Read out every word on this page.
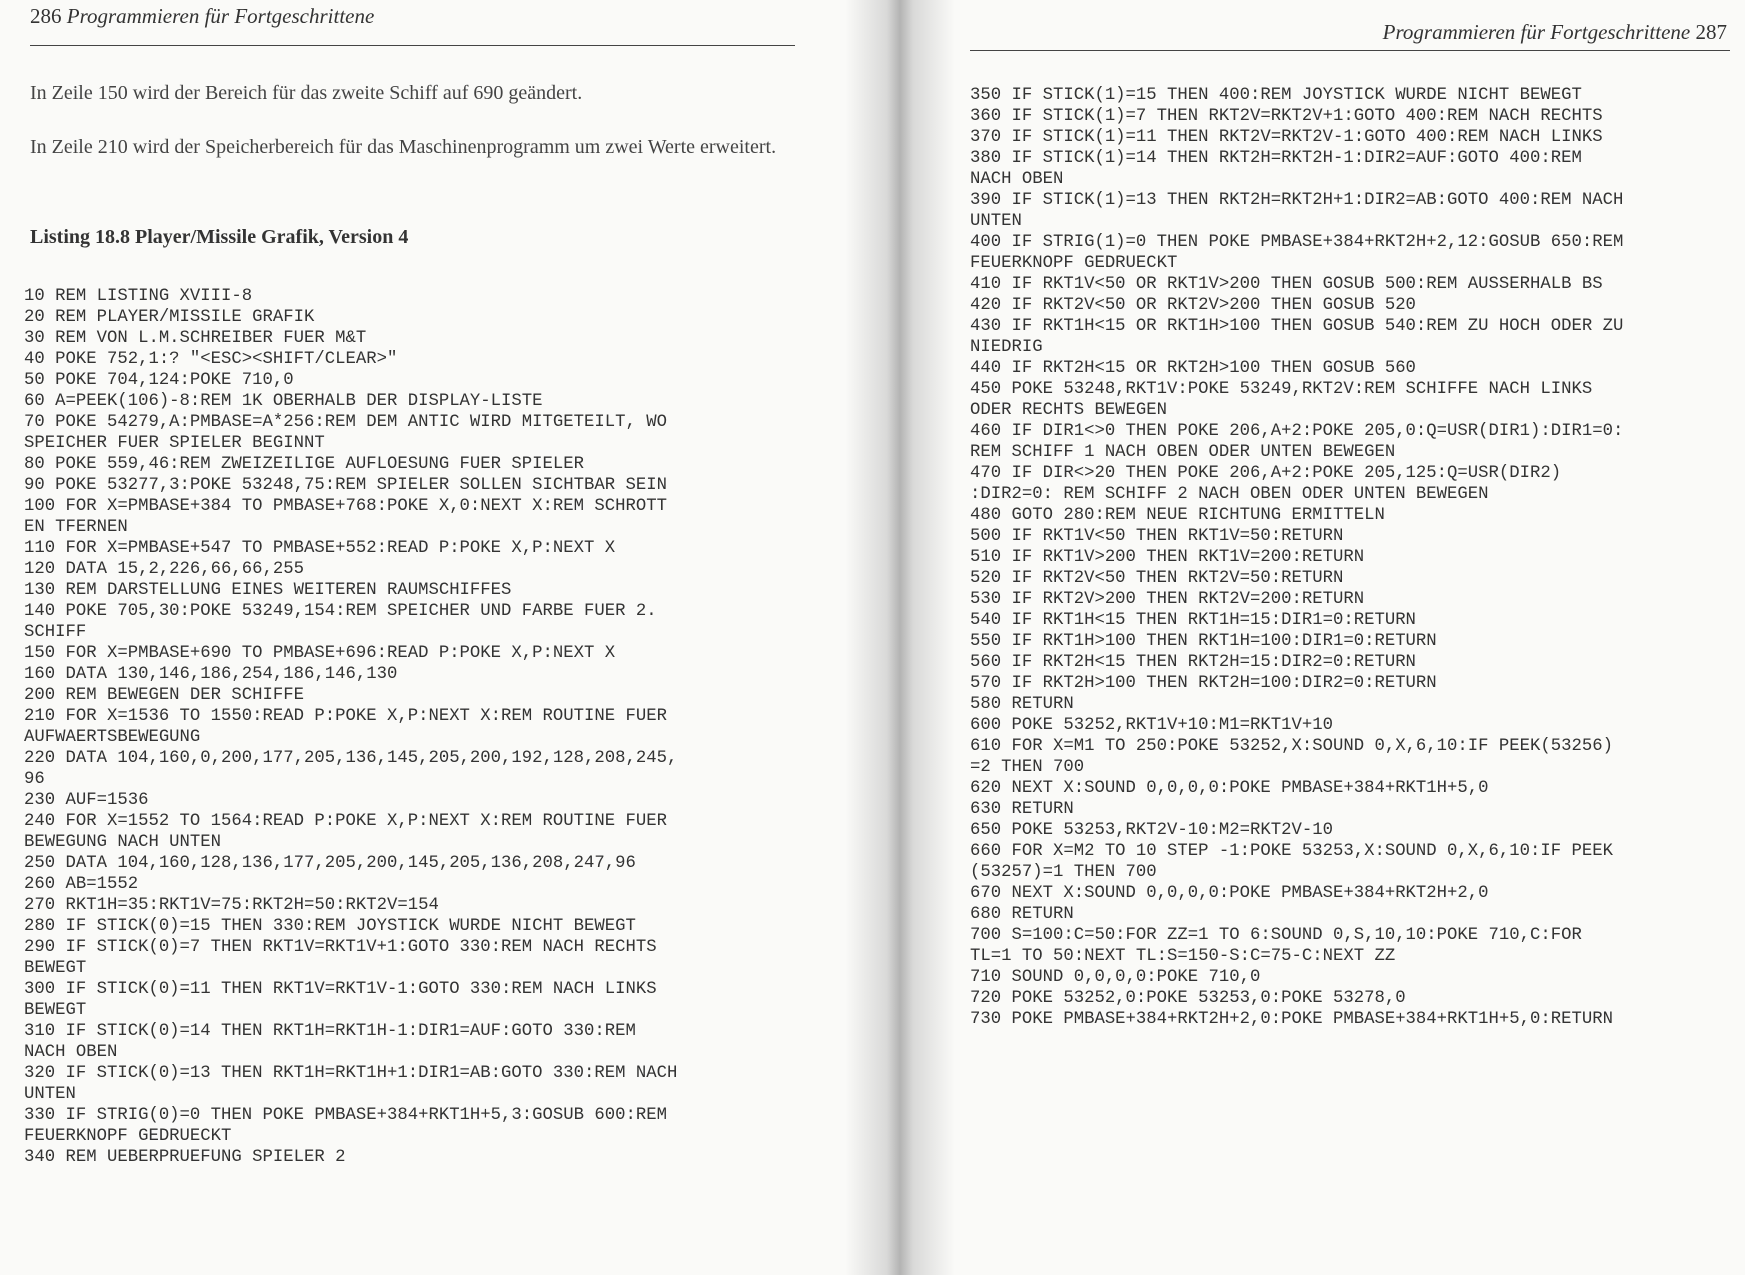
286 Programmieren für Fortgeschrittene
In Zeile 150 wird der Bereich für das zweite Schiff auf 690 geändert.
In Zeile 210 wird der Speicherbereich für das Maschinenprogramm um zwei Werte erweitert.
Listing 18.8 Player/Missile Grafik, Version 4
10 REM LISTING XVIII-8
20 REM PLAYER/MISSILE GRAFIK
30 REM VON L.M.SCHREIBER FUER M&T
40 POKE 752,1:? "<ESC><SHIFT/CLEAR>"
50 POKE 704,124:POKE 710,0
60 A=PEEK(106)-8:REM 1K OBERHALB DER DISPLAY-LISTE
70 POKE 54279,A:PMBASE=A*256:REM DEM ANTIC WIRD MITGETEILT, WO
SPEICHER FUER SPIELER BEGINNT
80 POKE 559,46:REM ZWEIZEILIGE AUFLOESUNG FUER SPIELER
90 POKE 53277,3:POKE 53248,75:REM SPIELER SOLLEN SICHTBAR SEIN
100 FOR X=PMBASE+384 TO PMBASE+768:POKE X,0:NEXT X:REM SCHROTT
EN TFERNEN
110 FOR X=PMBASE+547 TO PMBASE+552:READ P:POKE X,P:NEXT X
120 DATA 15,2,226,66,66,255
130 REM DARSTELLUNG EINES WEITEREN RAUMSCHIFFES
140 POKE 705,30:POKE 53249,154:REM SPEICHER UND FARBE FUER 2.
SCHIFF
150 FOR X=PMBASE+690 TO PMBASE+696:READ P:POKE X,P:NEXT X
160 DATA 130,146,186,254,186,146,130
200 REM BEWEGEN DER SCHIFFE
210 FOR X=1536 TO 1550:READ P:POKE X,P:NEXT X:REM ROUTINE FUER
AUFWAERTSBEWEGUNG
220 DATA 104,160,0,200,177,205,136,145,205,200,192,128,208,245,
96
230 AUF=1536
240 FOR X=1552 TO 1564:READ P:POKE X,P:NEXT X:REM ROUTINE FUER
BEWEGUNG NACH UNTEN
250 DATA 104,160,128,136,177,205,200,145,205,136,208,247,96
260 AB=1552
270 RKT1H=35:RKT1V=75:RKT2H=50:RKT2V=154
280 IF STICK(0)=15 THEN 330:REM JOYSTICK WURDE NICHT BEWEGT
290 IF STICK(0)=7 THEN RKT1V=RKT1V+1:GOTO 330:REM NACH RECHTS
BEWEGT
300 IF STICK(0)=11 THEN RKT1V=RKT1V-1:GOTO 330:REM NACH LINKS
BEWEGT
310 IF STICK(0)=14 THEN RKT1H=RKT1H-1:DIR1=AUF:GOTO 330:REM
NACH OBEN
320 IF STICK(0)=13 THEN RKT1H=RKT1H+1:DIR1=AB:GOTO 330:REM NACH
UNTEN
330 IF STRIG(0)=0 THEN POKE PMBASE+384+RKT1H+5,3:GOSUB 600:REM
FEUERKNOPF GEDRUECKT
340 REM UEBERPRUEFUNG SPIELER 2
Programmieren für Fortgeschrittene 287
350 IF STICK(1)=15 THEN 400:REM JOYSTICK WURDE NICHT BEWEGT
360 IF STICK(1)=7 THEN RKT2V=RKT2V+1:GOTO 400:REM NACH RECHTS
370 IF STICK(1)=11 THEN RKT2V=RKT2V-1:GOTO 400:REM NACH LINKS
380 IF STICK(1)=14 THEN RKT2H=RKT2H-1:DIR2=AUF:GOTO 400:REM
NACH OBEN
390 IF STICK(1)=13 THEN RKT2H=RKT2H+1:DIR2=AB:GOTO 400:REM NACH
UNTEN
400 IF STRIG(1)=0 THEN POKE PMBASE+384+RKT2H+2,12:GOSUB 650:REM
FEUERKNOPF GEDRUECKT
410 IF RKT1V<50 OR RKT1V>200 THEN GOSUB 500:REM AUSSERHALB BS
420 IF RKT2V<50 OR RKT2V>200 THEN GOSUB 520
430 IF RKT1H<15 OR RKT1H>100 THEN GOSUB 540:REM ZU HOCH ODER ZU
NIEDRIG
440 IF RKT2H<15 OR RKT2H>100 THEN GOSUB 560
450 POKE 53248,RKT1V:POKE 53249,RKT2V:REM SCHIFFE NACH LINKS
ODER RECHTS BEWEGEN
460 IF DIR1<>0 THEN POKE 206,A+2:POKE 205,0:Q=USR(DIR1):DIR1=0:
REM SCHIFF 1 NACH OBEN ODER UNTEN BEWEGEN
470 IF DIR<>20 THEN POKE 206,A+2:POKE 205,125:Q=USR(DIR2)
:DIR2=0: REM SCHIFF 2 NACH OBEN ODER UNTEN BEWEGEN
480 GOTO 280:REM NEUE RICHTUNG ERMITTELN
500 IF RKT1V<50 THEN RKT1V=50:RETURN
510 IF RKT1V>200 THEN RKT1V=200:RETURN
520 IF RKT2V<50 THEN RKT2V=50:RETURN
530 IF RKT2V>200 THEN RKT2V=200:RETURN
540 IF RKT1H<15 THEN RKT1H=15:DIR1=0:RETURN
550 IF RKT1H>100 THEN RKT1H=100:DIR1=0:RETURN
560 IF RKT2H<15 THEN RKT2H=15:DIR2=0:RETURN
570 IF RKT2H>100 THEN RKT2H=100:DIR2=0:RETURN
580 RETURN
600 POKE 53252,RKT1V+10:M1=RKT1V+10
610 FOR X=M1 TO 250:POKE 53252,X:SOUND 0,X,6,10:IF PEEK(53256)
=2 THEN 700
620 NEXT X:SOUND 0,0,0,0:POKE PMBASE+384+RKT1H+5,0
630 RETURN
650 POKE 53253,RKT2V-10:M2=RKT2V-10
660 FOR X=M2 TO 10 STEP -1:POKE 53253,X:SOUND 0,X,6,10:IF PEEK
(53257)=1 THEN 700
670 NEXT X:SOUND 0,0,0,0:POKE PMBASE+384+RKT2H+2,0
680 RETURN
700 S=100:C=50:FOR ZZ=1 TO 6:SOUND 0,S,10,10:POKE 710,C:FOR
TL=1 TO 50:NEXT TL:S=150-S:C=75-C:NEXT ZZ
710 SOUND 0,0,0,0:POKE 710,0
720 POKE 53252,0:POKE 53253,0:POKE 53278,0
730 POKE PMBASE+384+RKT2H+2,0:POKE PMBASE+384+RKT1H+5,0:RETURN
